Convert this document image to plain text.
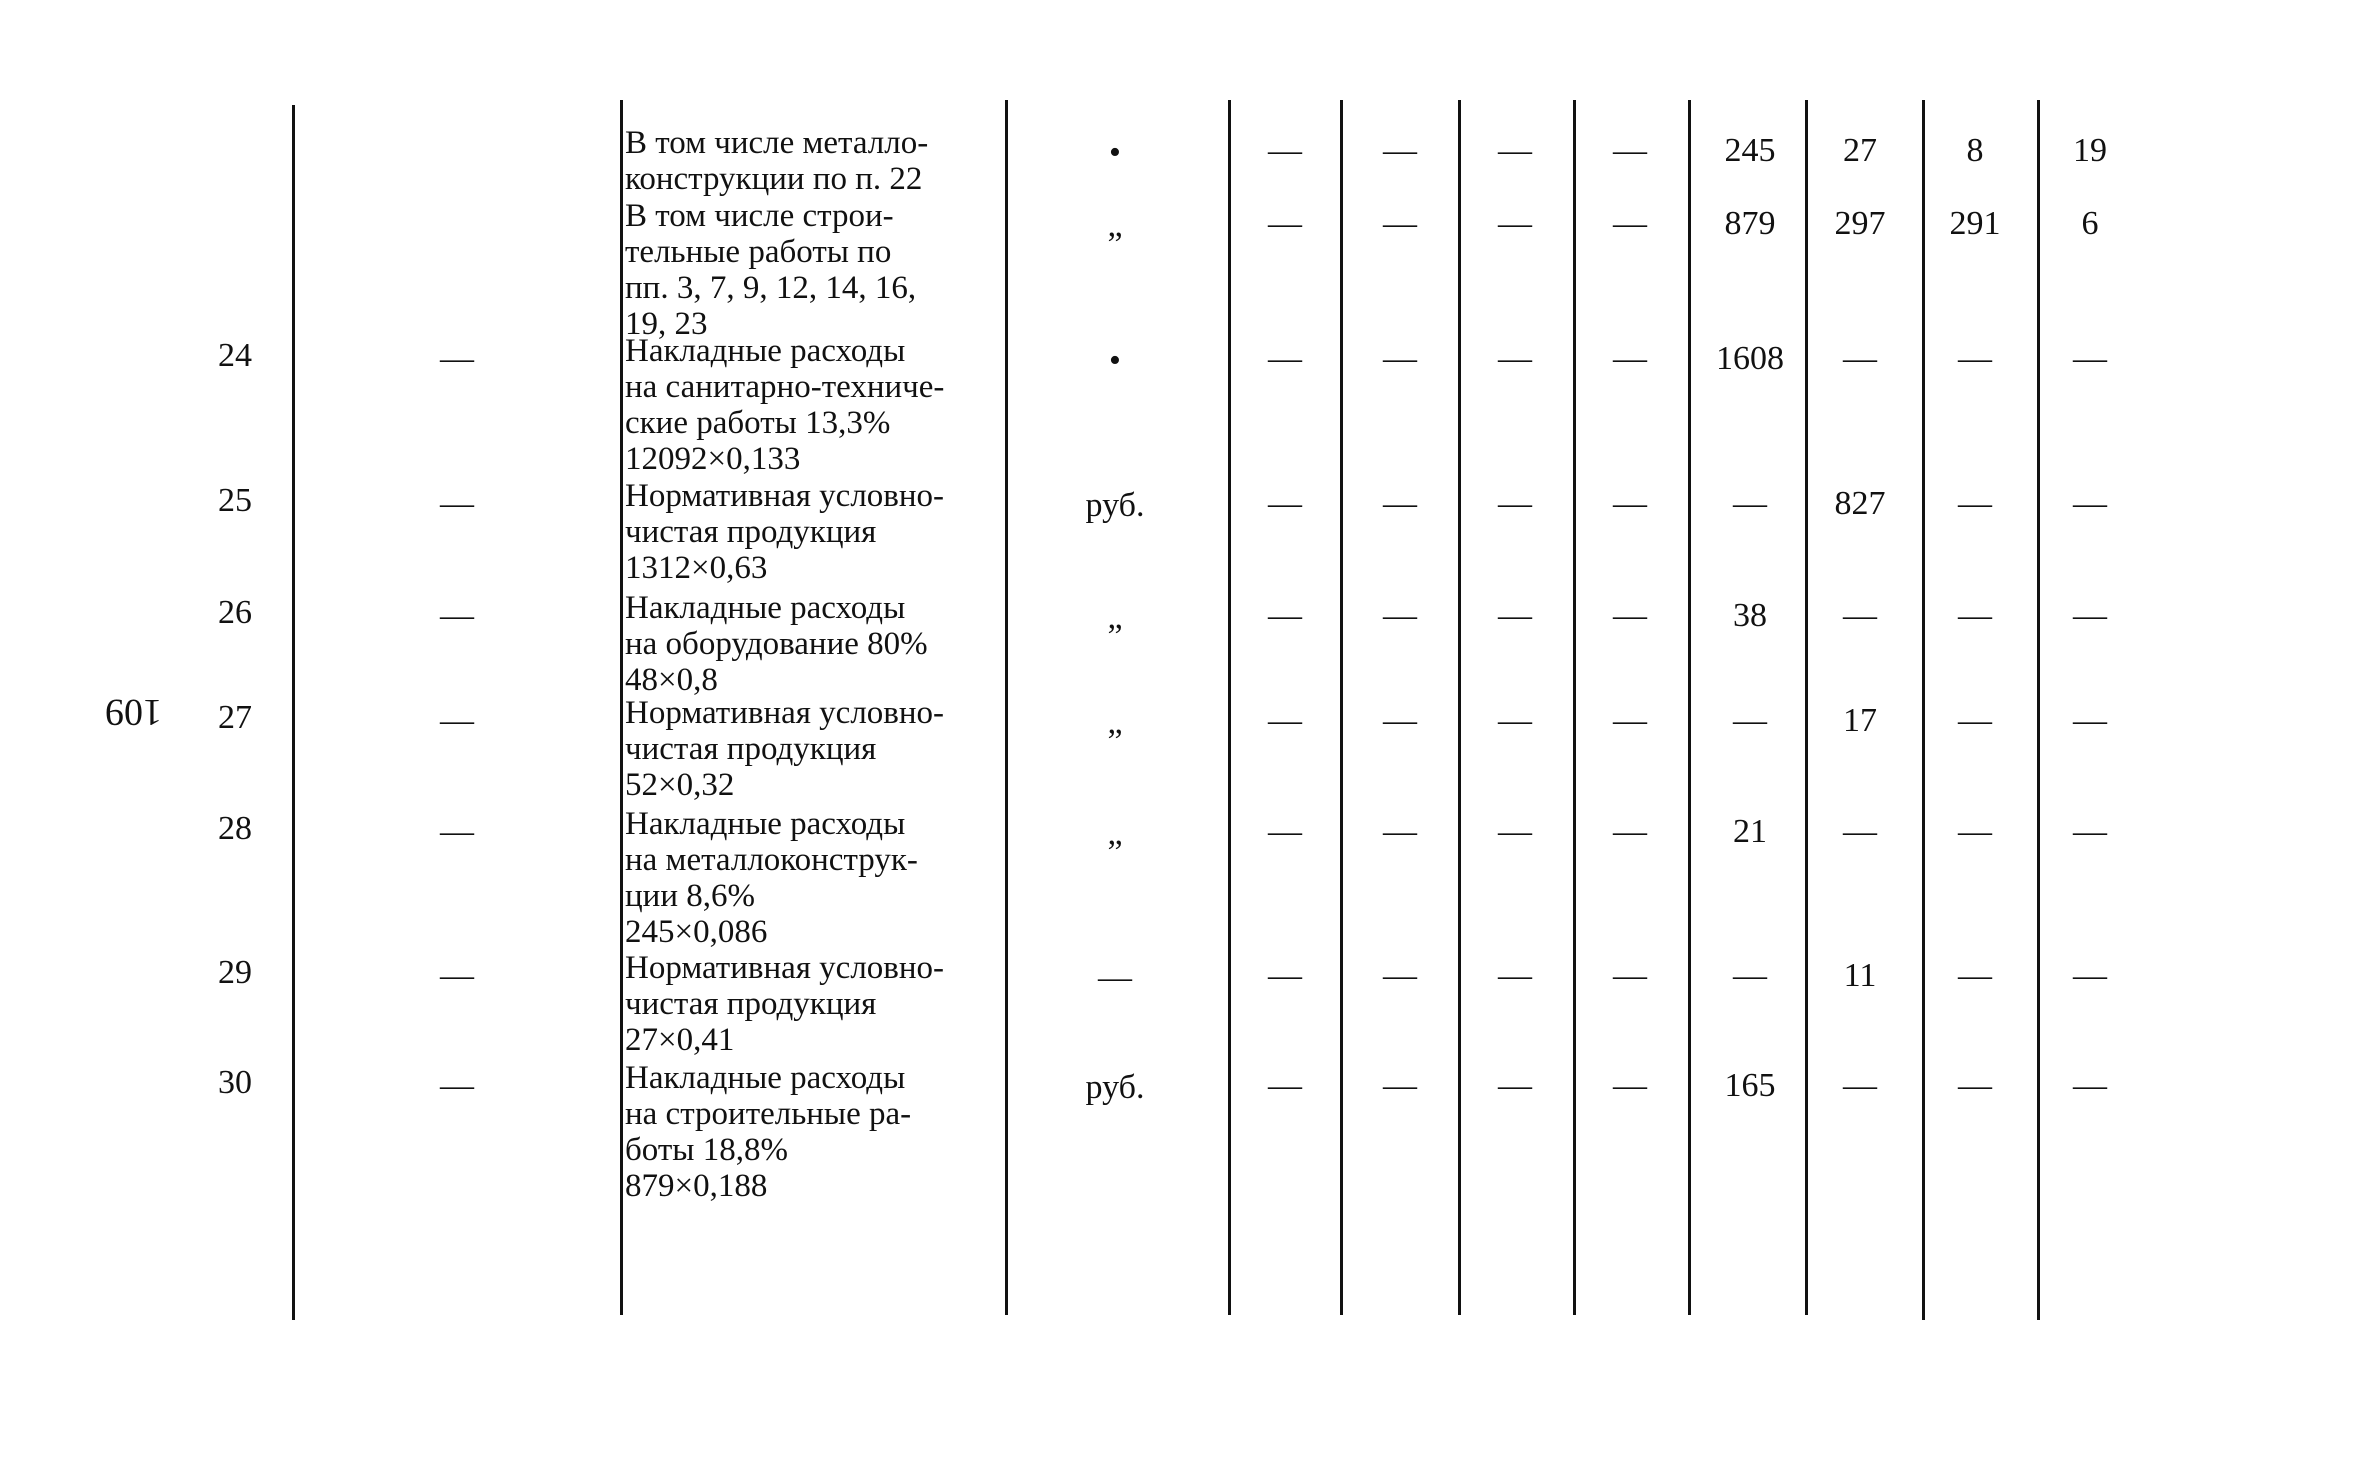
109
В том числе металло-
конструкции по п. 22
•	—	—	—	—	245	27	8	19
В том числе строи-
тельные работы по
пп. 3, 7, 9, 12, 14, 16,
19, 23
„	—	—	—	—	879	297	291	6
24	—	Накладные расходы
на санитарно-техниче-
ские работы 13,3%
12092×0,133
•	—	—	—	—	1608	—	—	—
25	—	Нормативная условно-
чистая продукция
1312×0,63
руб.	—	—	—	—	—	827	—	—
26	—	Накладные расходы
на оборудование 80%
48×0,8
„	—	—	—	—	38	—	—	—
27	—	Нормативная условно-
чистая продукция
52×0,32
„	—	—	—	—	—	17	—	—
28	—	Накладные расходы
на металлоконструк-
ции 8,6%
245×0,086
„	—	—	—	—	21	—	—	—
29	—	Нормативная условно-
чистая продукция
27×0,41
—	—	—	—	—	—	11	—	—
30	—	Накладные расходы
на строительные ра-
боты 18,8%
879×0,188
руб.	—	—	—	—	165	—	—	—
